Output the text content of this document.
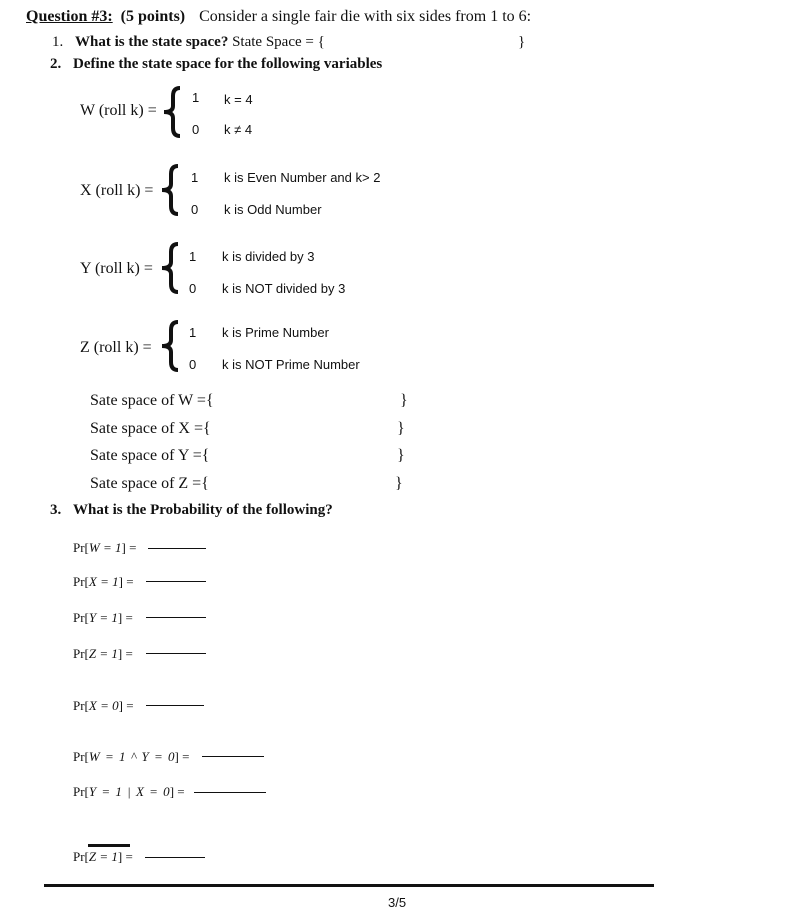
Question #3: (5 points) Consider a single fair die with six sides from 1 to 6:
1. What is the state space? State Space = {	}
2. Define the state space for the following variables
W (roll k) =
1 k = 4
0 k ≠ 4
X (roll k) =
1 k is Even Number and k> 2
0 k is Odd Number
Y (roll k) =
1 k is divided by 3
0 k is NOT divided by 3
Z (roll k) =
1 k is Prime Number
0 k is NOT Prime Number
Sate space of W ={	}
Sate space of X ={	}
Sate space of Y ={	}
Sate space of Z ={	}
3. What is the Probability of the following?
Pr[W = 1] =
Pr[X = 1] =
Pr[Y = 1] =
Pr[Z = 1] =
Pr[X = 0] =
Pr[W = 1 ^ Y = 0] =
Pr[Y = 1 | X = 0] =
Pr[Z = 1] =
3/5
